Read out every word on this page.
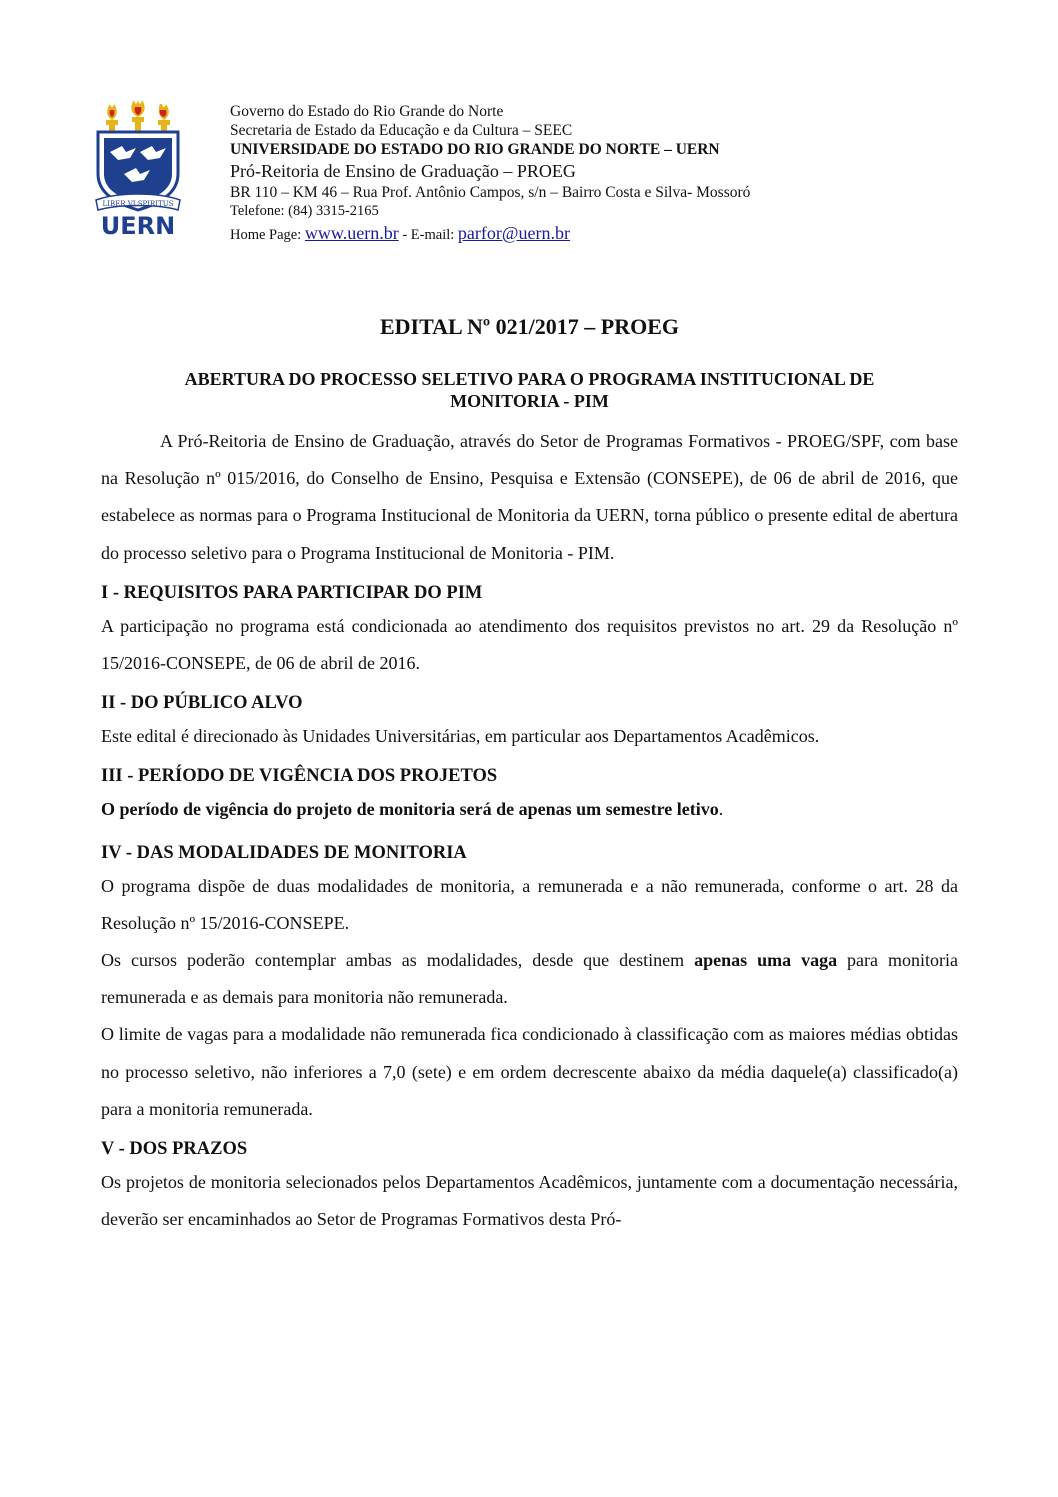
LIBER VI SPIRITUS
UERN
Governo do Estado do Rio Grande do Norte
Secretaria de Estado da Educação e da Cultura – SEEC
UNIVERSIDADE DO ESTADO DO RIO GRANDE DO NORTE – UERN
Pró-Reitoria de Ensino de Graduação – PROEG
BR 110 – KM 46 – Rua Prof. Antônio Campos, s/n – Bairro Costa e Silva- Mossoró
Telefone: (84) 3315-2165
Home Page: www.uern.br - E-mail: parfor@uern.br

EDITAL Nº 021/2017 – PROEG

ABERTURA DO PROCESSO SELETIVO PARA O PROGRAMA INSTITUCIONAL DE
MONITORIA - PIM

A Pró-Reitoria de Ensino de Graduação, através do Setor de Programas Formativos - PROEG/SPF, com base na Resolução nº 015/2016, do Conselho de Ensino, Pesquisa e Extensão (CONSEPE), de 06 de abril de 2016, que estabelece as normas para o Programa Institucional de Monitoria da UERN, torna público o presente edital de abertura do processo seletivo para o Programa Institucional de Monitoria - PIM.

I - REQUISITOS PARA PARTICIPAR DO PIM

A participação no programa está condicionada ao atendimento dos requisitos previstos no art. 29 da Resolução nº 15/2016-CONSEPE, de 06 de abril de 2016.

II - DO PÚBLICO ALVO

Este edital é direcionado às Unidades Universitárias, em particular aos Departamentos Acadêmicos.

III - PERÍODO DE VIGÊNCIA DOS PROJETOS

O período de vigência do projeto de monitoria será de apenas um semestre letivo.

IV - DAS MODALIDADES DE MONITORIA

O programa dispõe de duas modalidades de monitoria, a remunerada e a não remunerada, conforme o art. 28 da Resolução nº 15/2016-CONSEPE.

Os cursos poderão contemplar ambas as modalidades, desde que destinem apenas uma vaga para monitoria remunerada e as demais para monitoria não remunerada.

O limite de vagas para a modalidade não remunerada fica condicionado à classificação com as maiores médias obtidas no processo seletivo, não inferiores a 7,0 (sete) e em ordem decrescente abaixo da média daquele(a) classificado(a) para a monitoria remunerada.

V - DOS PRAZOS

Os projetos de monitoria selecionados pelos Departamentos Acadêmicos, juntamente com a documentação necessária, deverão ser encaminhados ao Setor de Programas Formativos desta Pró-
